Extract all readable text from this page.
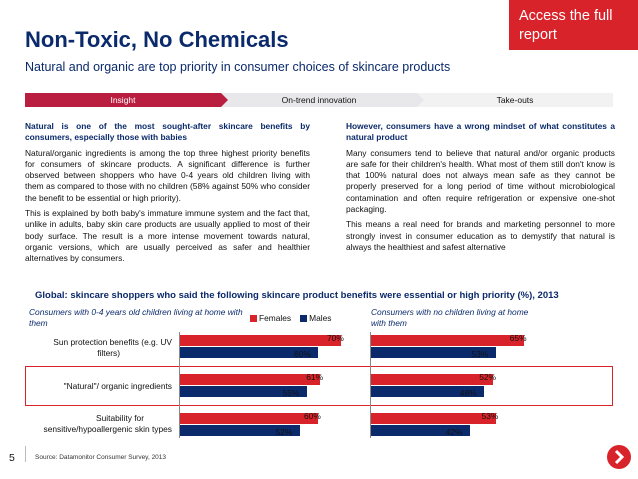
Non-Toxic, No Chemicals
Natural and organic are top priority in consumer choices of skincare products
Access the full
report
Insight	On-trend innovation	Take-outs

Natural is one of the most sought-after skincare benefits by consumers, especially those with babies

Natural/organic ingredients is among the top three highest priority benefits for consumers of skincare products. A significant difference is further observed between shoppers who have 0-4 years old children living with them as compared to those with no children (58% against 50% who consider the benefit to be essential or high priority).

This is explained by both baby's immature immune system and the fact that, unlike in adults, baby skin care products are usually applied to most of their body surface. The result is a more intense movement towards natural, organic versions, which are usually perceived as safer and healthier alternatives by consumers.

However, consumers have a wrong mindset of what constitutes a natural product

Many consumers tend to believe that natural and/or organic products are safe for their children's health. What most of them still don't know is that 100% natural does not always mean safe as they cannot be properly preserved for a long period of time without microbiological contamination and often require refrigeration or expensive one-shot packaging.

This means a real need for brands and marketing personnel to more strongly invest in consumer education as to demystify that natural is always the healthiest and safest alternative

Global: skincare shoppers who said the following skincare product benefits were essential or high priority (%), 2013
Consumers with 0-4 years old children living at home with them
Consumers with no children living at home with them
Females Males
Sun protection benefits (e.g. UV
filters)
"Natural"/ organic ingredients
Suitability for
sensitive/hypoallergenic skin types
70%
60%
61%
55%
60%
52%
65%
53%
52%
48%
53%
42%
5	Source: Datamonitor Consumer Survey, 2013
